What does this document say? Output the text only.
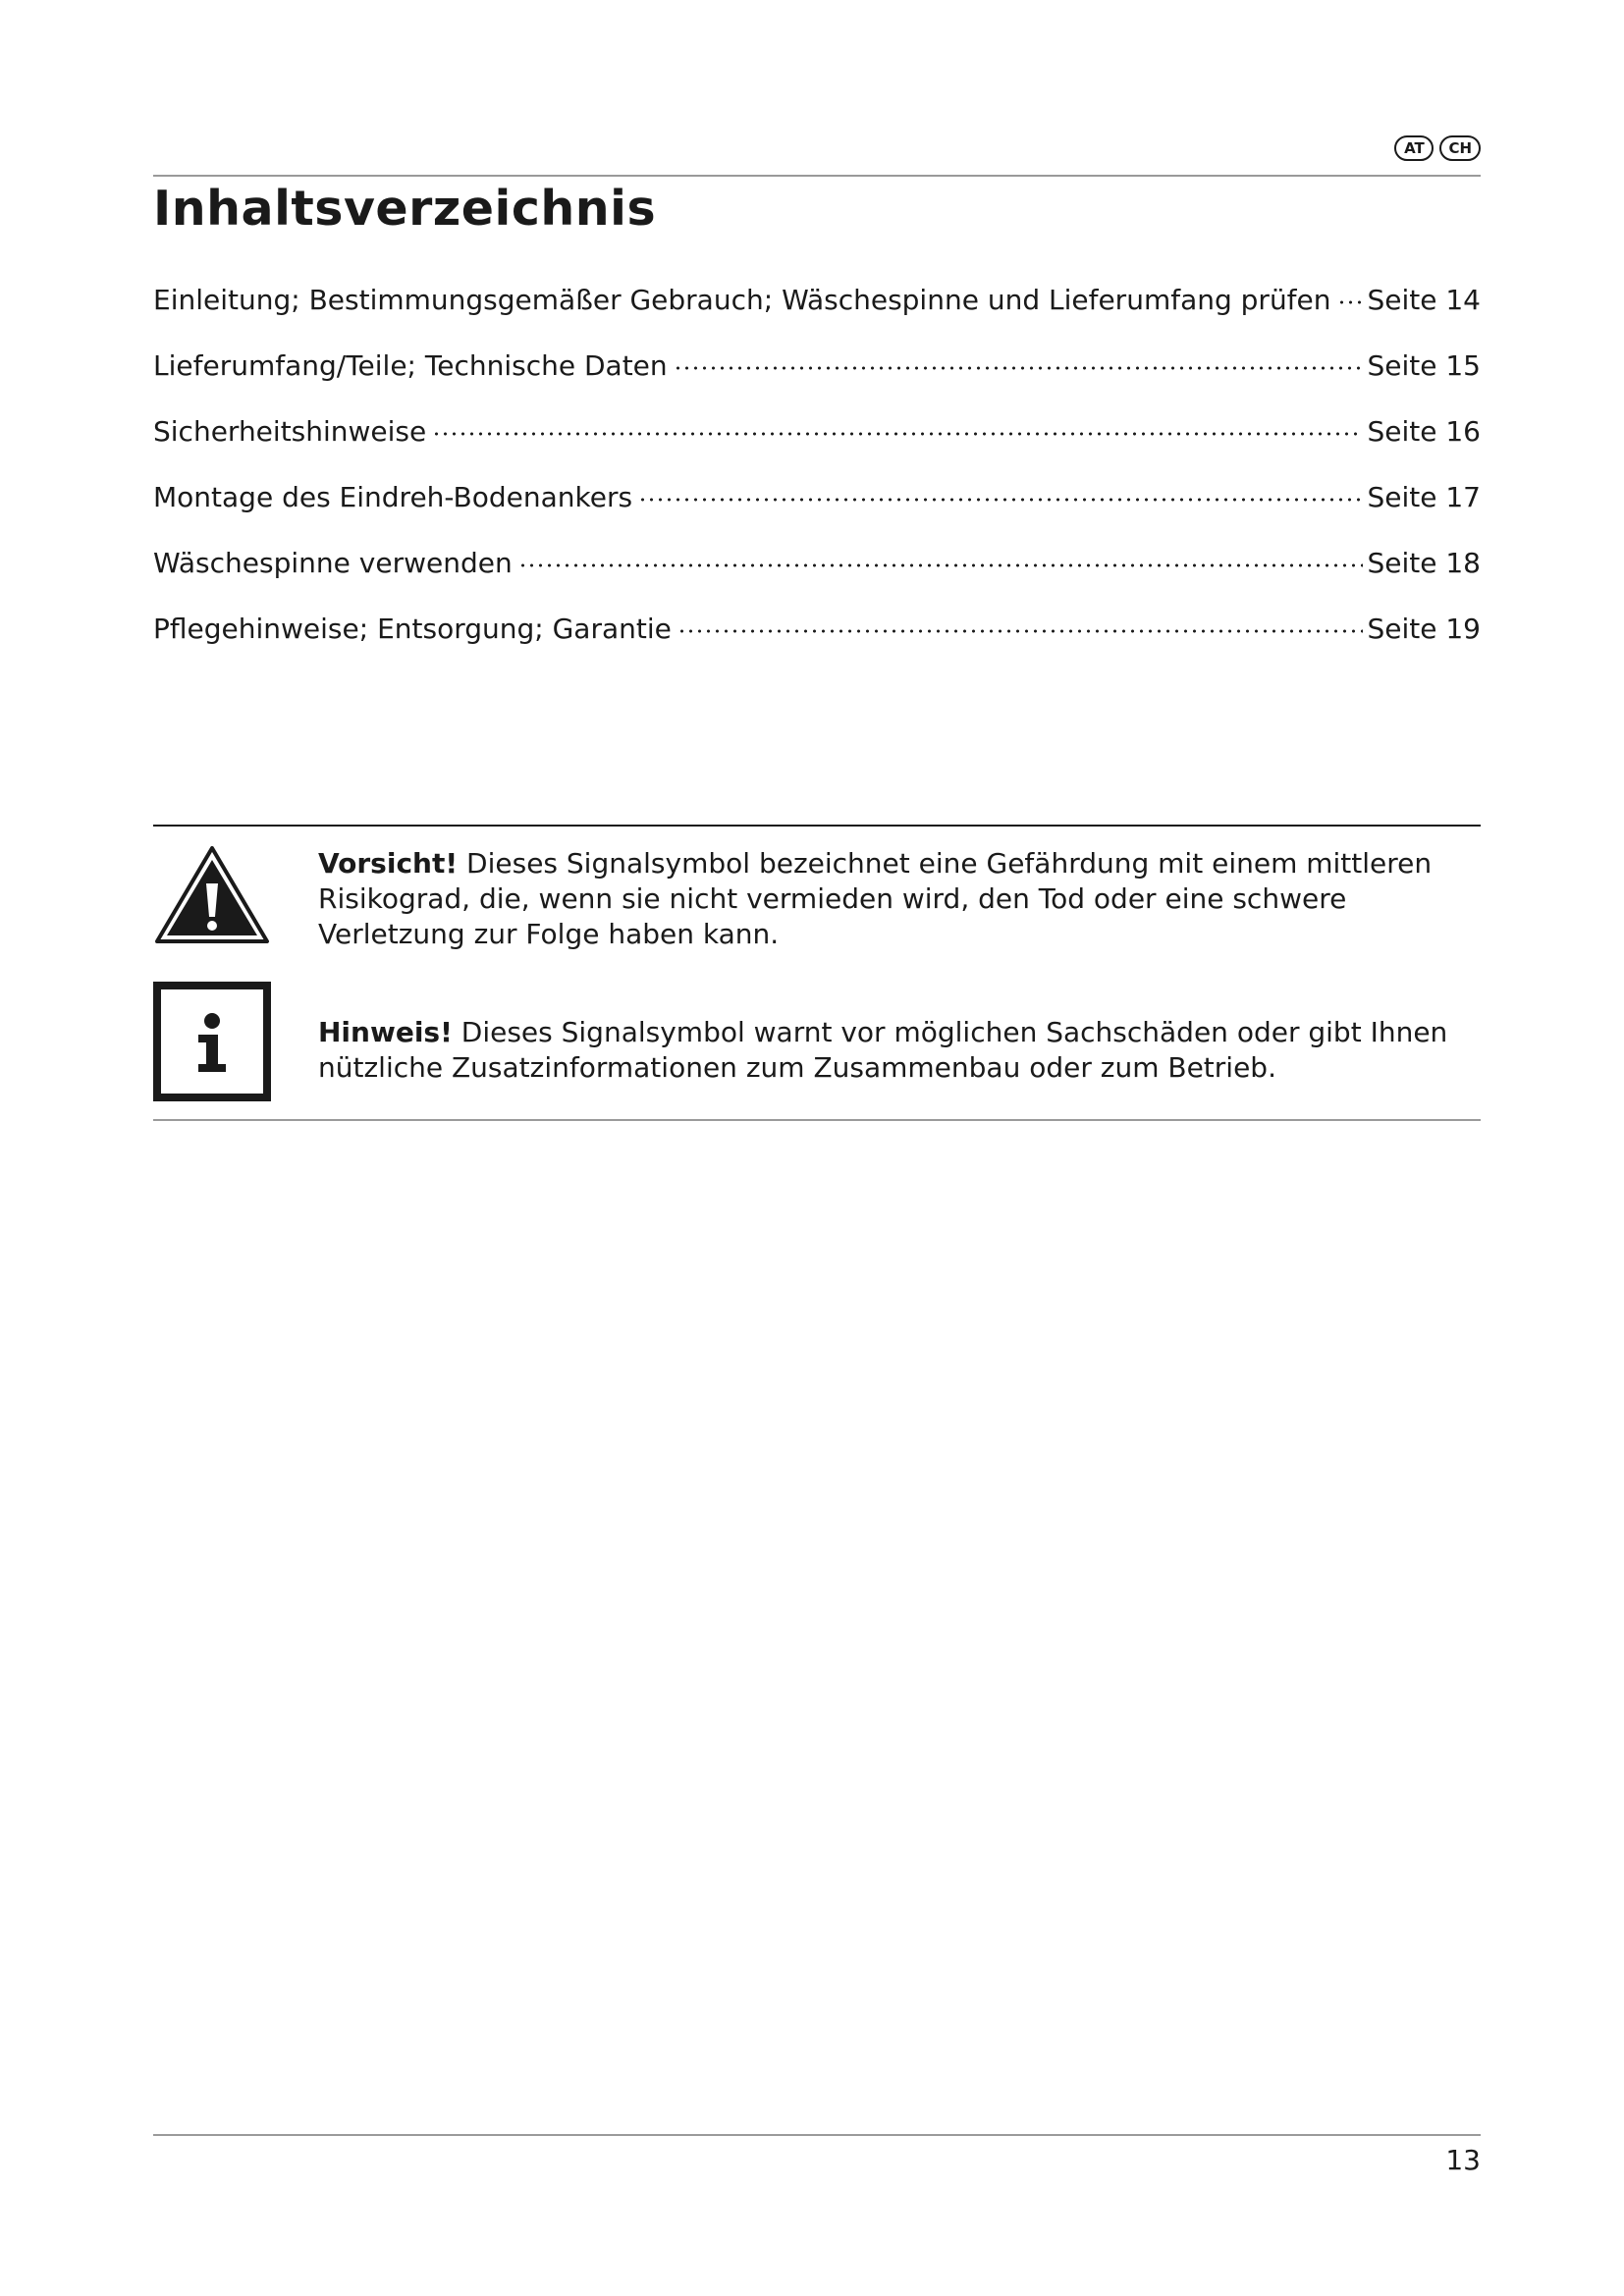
AT	CH
Inhaltsverzeichnis
Einleitung; Bestimmungsgemäßer Gebrauch; Wäschespinne und Lieferumfang prüfen Seite 14
Lieferumfang/Teile; Technische Daten	Seite 15
Sicherheitshinweise	Seite 16
Montage des Eindreh-Bodenankers	Seite 17
Wäschespinne verwenden	Seite 18
Pflegehinweise; Entsorgung; Garantie	Seite 19

Vorsicht! Dieses Signalsymbol bezeichnet eine Gefährdung mit einem mittleren Risikograd, die, wenn sie nicht vermieden wird, den Tod oder eine schwere Verletzung zur Folge haben kann.

Hinweis! Dieses Signalsymbol warnt vor möglichen Sachschäden oder gibt Ihnen nützliche Zusatzinformationen zum Zusammenbau oder zum Betrieb.

13
